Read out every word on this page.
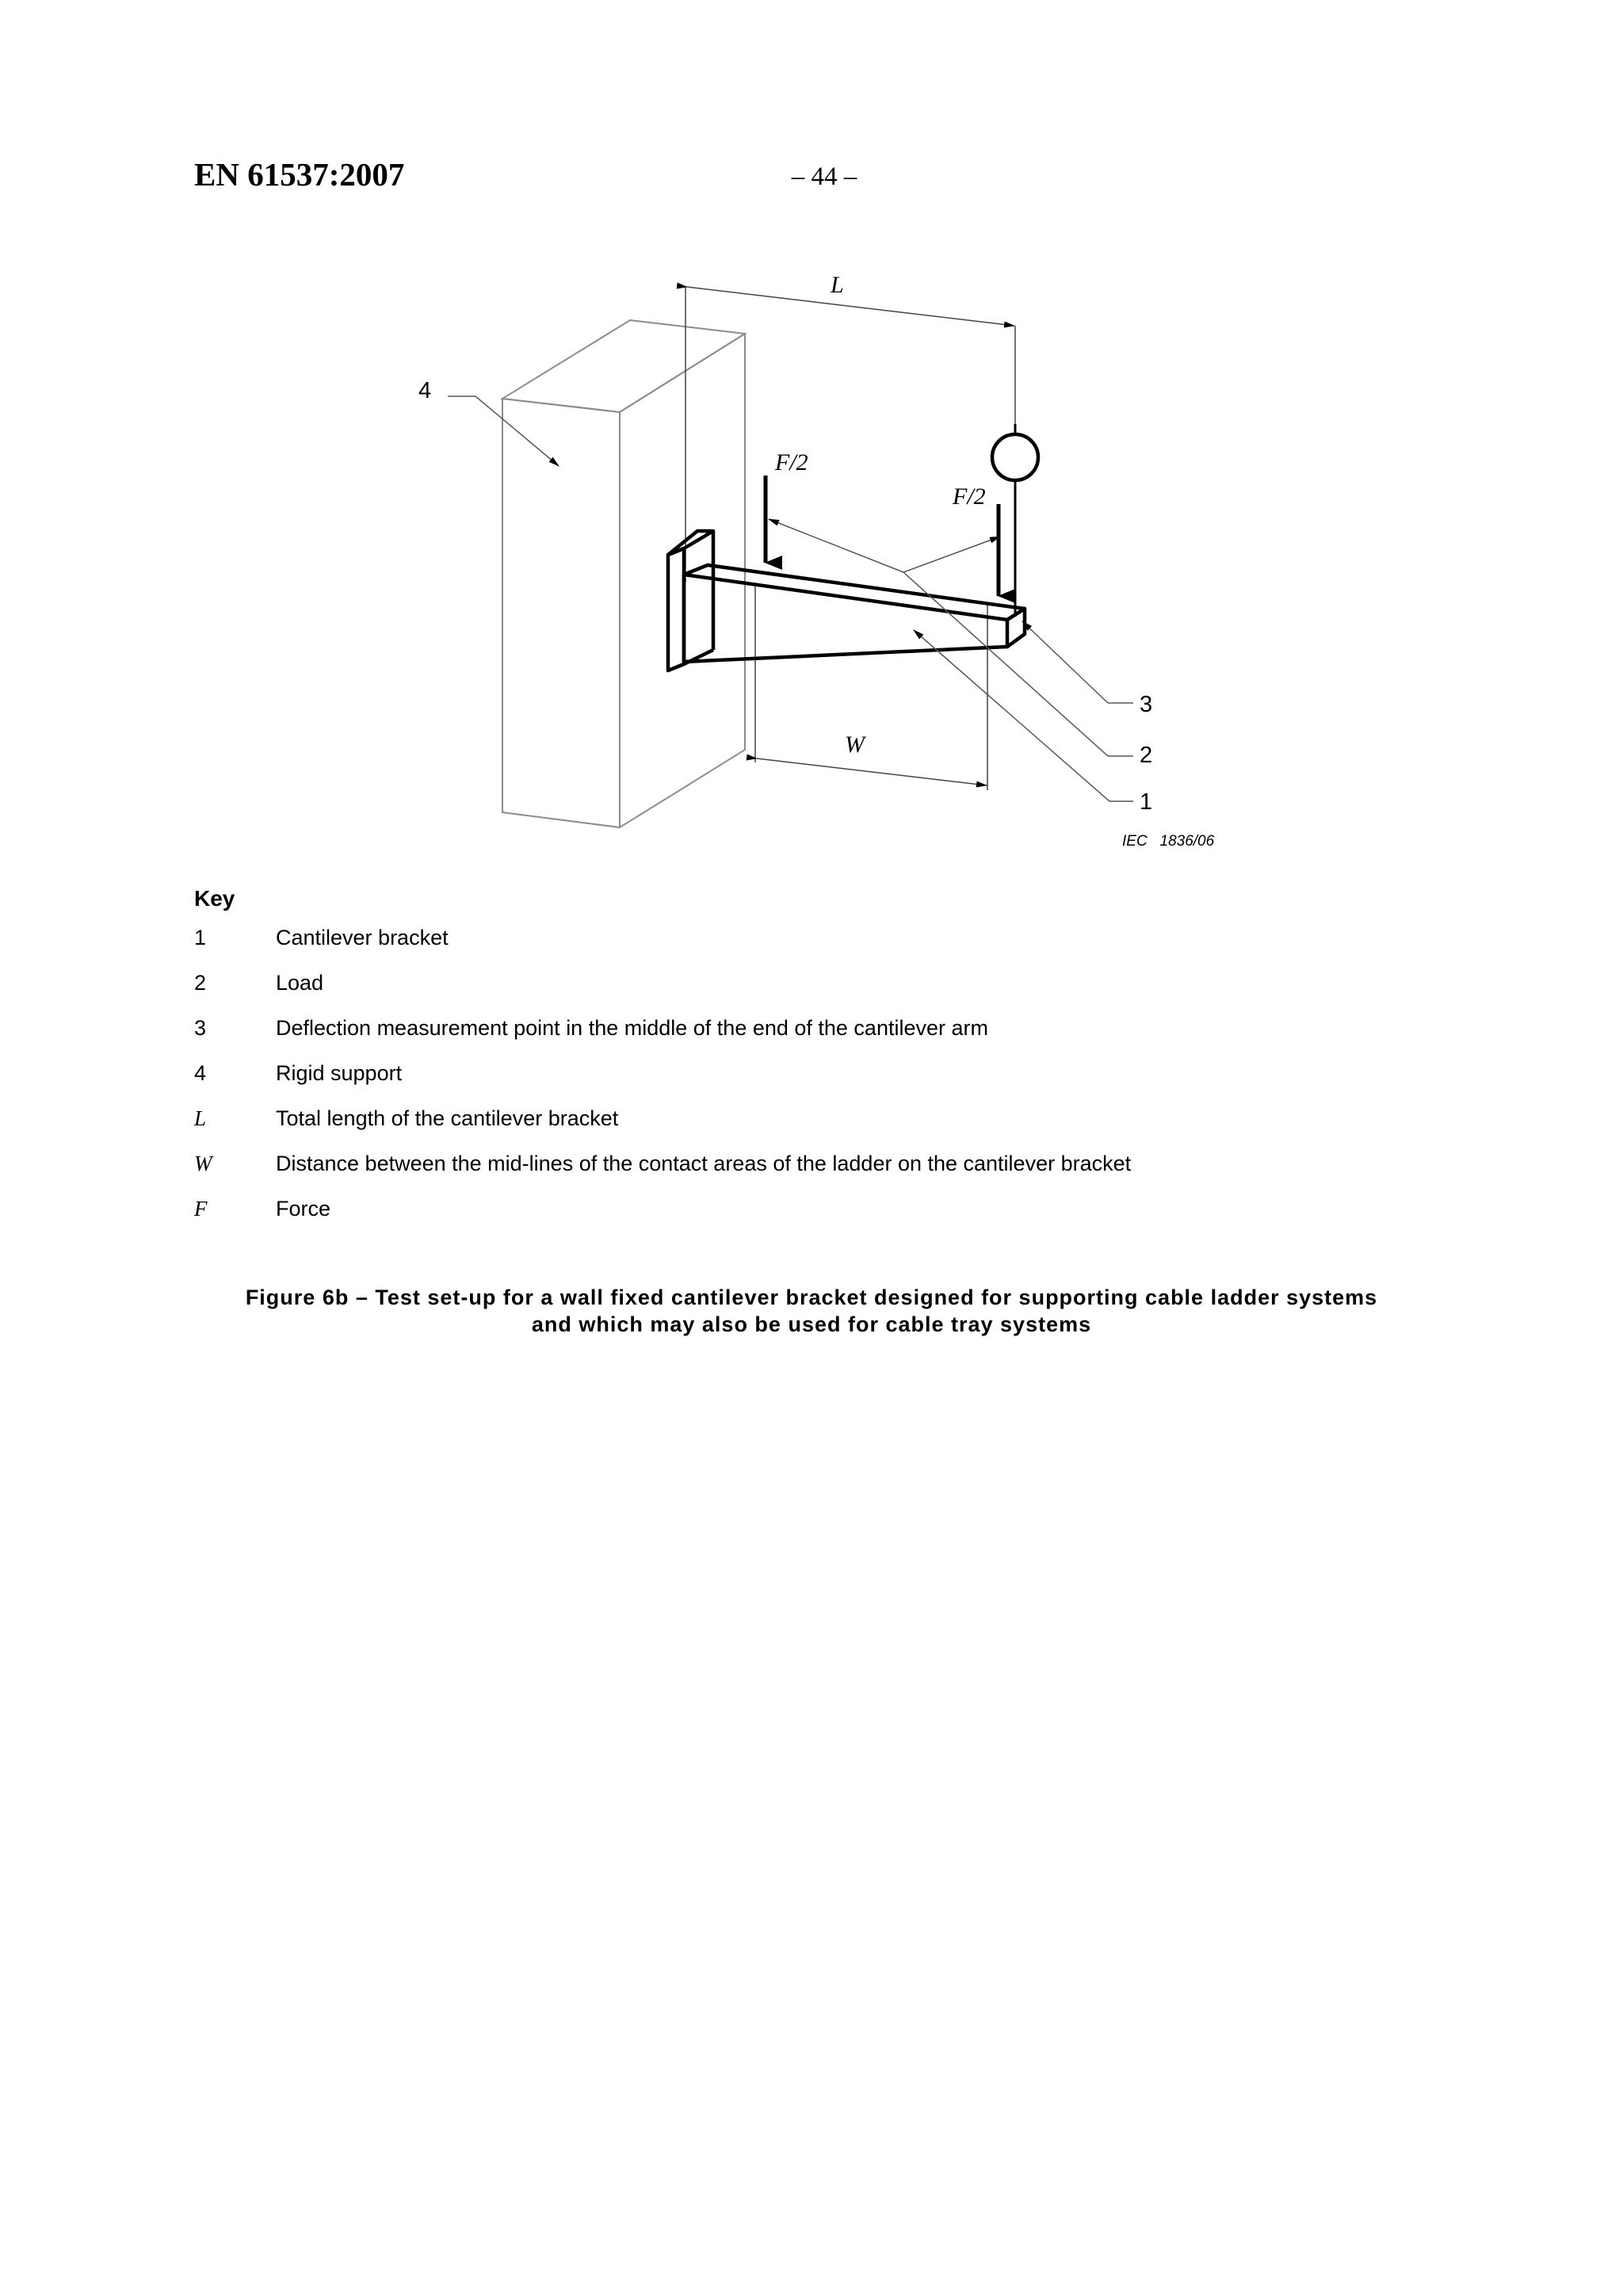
EN 61537:2007	– 44 –
L
W
F/2
F/2
4
3
2
1
IEC   1836/06
Key
1	Cantilever bracket
2	Load
3	Deflection measurement point in the middle of the end of the cantilever arm
4	Rigid support
L	Total length of the cantilever bracket
W	Distance between the mid-lines of the contact areas of the ladder on the cantilever bracket
F	Force
Figure 6b – Test set-up for a wall fixed cantilever bracket designed for supporting cable ladder systems
and which may also be used for cable tray systems
